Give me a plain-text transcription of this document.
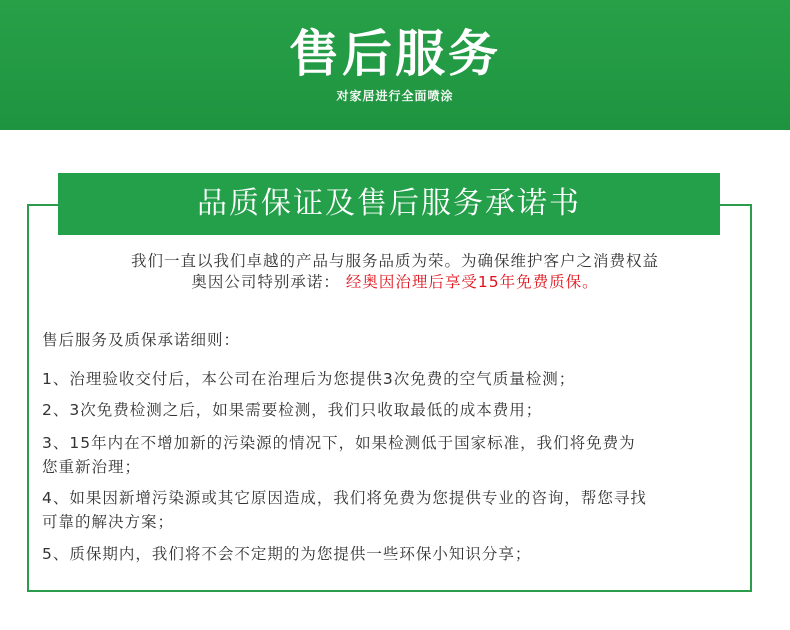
售后服务
对家居进行全面喷涂
品质保证及售后服务承诺书
我们一直以我们卓越的产品与服务品质为荣。为确保维护客户之消费权益
奥因公司特别承诺： 经奥因治理后享受15年免费质保。
售后服务及质保承诺细则：
1、治理验收交付后，本公司在治理后为您提供3次免费的空气质量检测；
2、3次免费检测之后，如果需要检测，我们只收取最低的成本费用；
3、15年内在不增加新的污染源的情况下，如果检测低于国家标准，我们将免费为
您重新治理；
4、如果因新增污染源或其它原因造成，我们将免费为您提供专业的咨询，帮您寻找
可靠的解决方案；
5、质保期内，我们将不会不定期的为您提供一些环保小知识分享；
